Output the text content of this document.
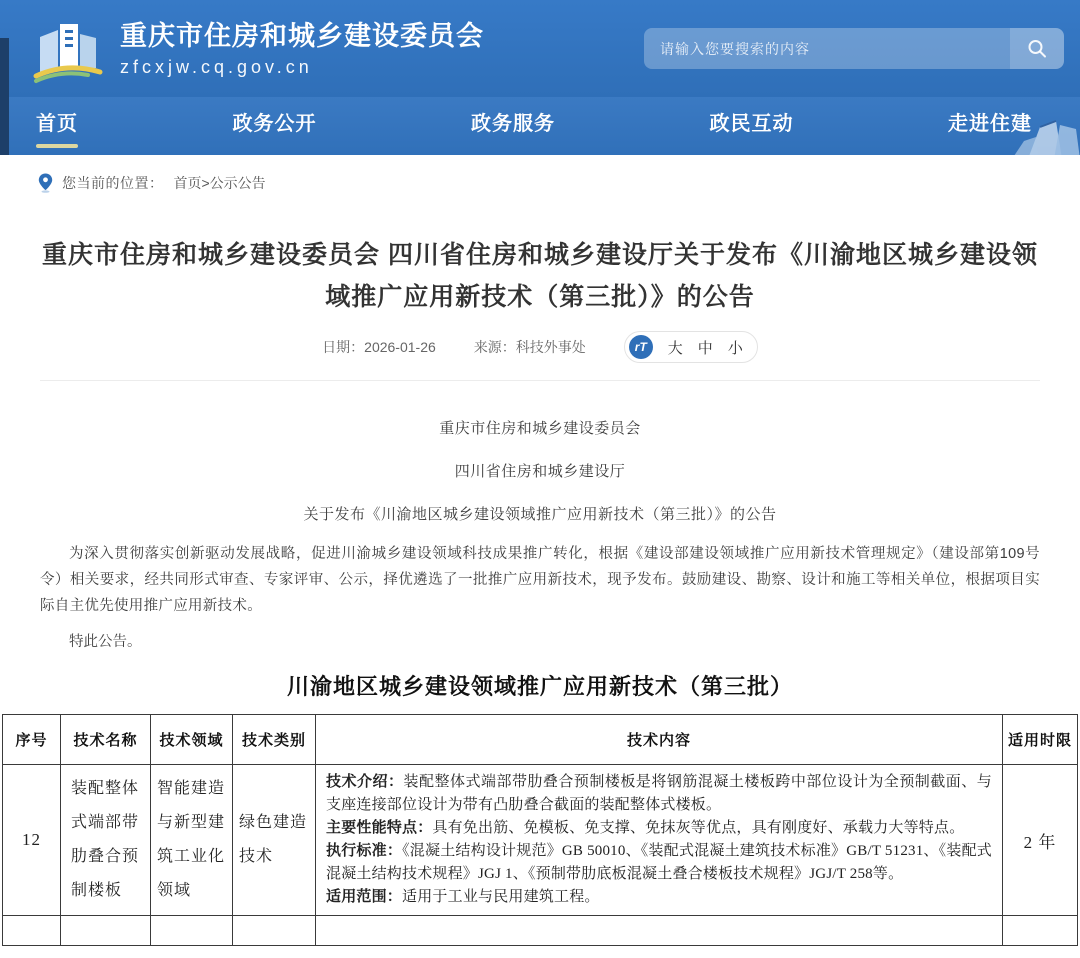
重庆市住房和城乡建设委员会
zfcxjw.cq.gov.cn
请输入您要搜索的内容
首页	政务公开	政务服务	政民互动	走进住建
您当前的位置： 首页>公示公告
重庆市住房和城乡建设委员会 四川省住房和城乡建设厅关于发布《川渝地区城乡建设领域推广应用新技术（第三批）》的公告
日期：2026-01-26	来源：科技外事处	rT	大 中 小

重庆市住房和城乡建设委员会

四川省住房和城乡建设厅

关于发布《川渝地区城乡建设领域推广应用新技术（第三批）》的公告

为深入贯彻落实创新驱动发展战略，促进川渝城乡建设领域科技成果推广转化，根据《建设部建设领域推广应用新技术管理规定》（建设部第109号令）相关要求，经共同形式审查、专家评审、公示，择优遴选了一批推广应用新技术，现予发布。鼓励建设、勘察、设计和施工等相关单位，根据项目实际自主优先使用推广应用新技术。

特此公告。

川渝地区城乡建设领域推广应用新技术（第三批）
序号	技术名称	技术领域	技术类别	技术内容	适用时限
12	装配整体式端部带肋叠合预制楼板	智能建造与新型建筑工业化领域	绿色建造技术	技术介绍：装配整体式端部带肋叠合预制楼板是将钢筋混凝土楼板跨中部位设计为全预制截面、与支座连接部位设计为带有凸肋叠合截面的装配整体式楼板。
主要性能特点：具有免出筋、免模板、免支撑、免抹灰等优点，具有刚度好、承载力大等特点。
执行标准：《混凝土结构设计规范》GB 50010、《装配式混凝土建筑技术标准》GB/T 51231、《装配式混凝土结构技术规程》JGJ 1、《预制带肋底板混凝土叠合楼板技术规程》JGJ/T 258等。
适用范围：适用于工业与民用建筑工程。	2 年
